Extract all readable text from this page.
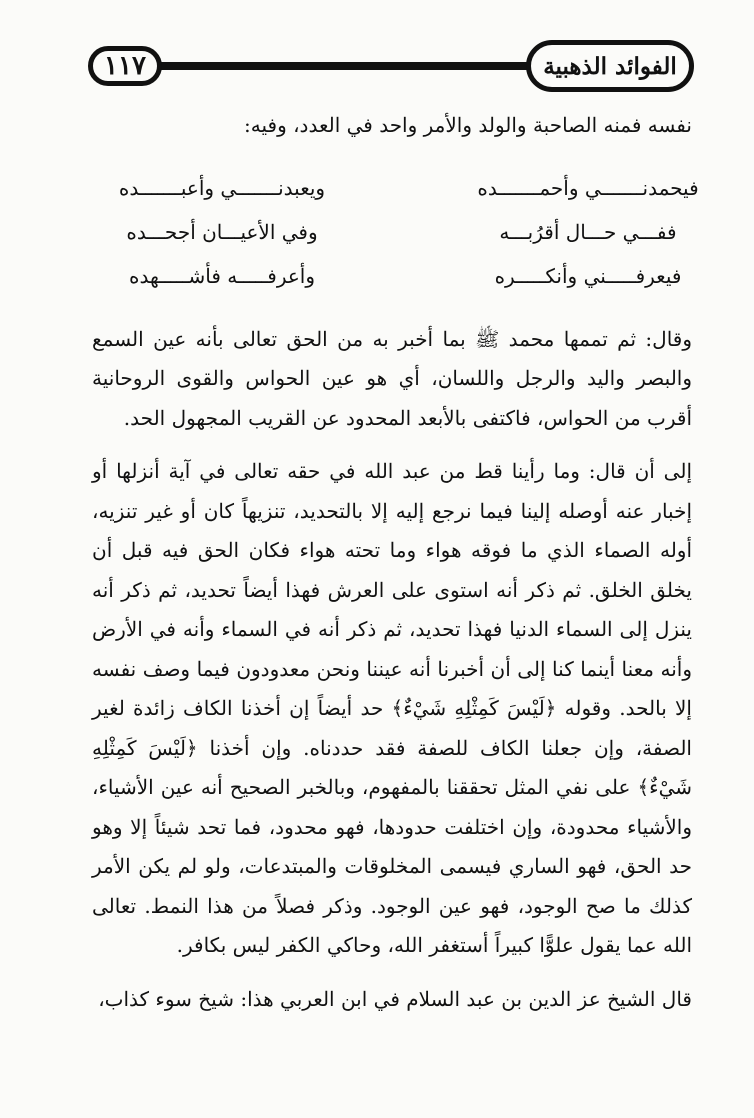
١١٧	الفوائد الذهبية

نفسه فمنه الصاحبة والولد والأمر واحد في العدد، وفيه:

فيحمدنـــــــي وأحمـــــــده
ويعبدنـــــــي وأعبـــــــده
ففـــي حـــال أقرُبـــه
وفي الأعيـــان أجحـــده
فيعرفـــــني وأنكـــــره
وأعرفـــــه فأشـــــهده

وقال: ثم تممها محمد ﷺ بما أخبر به من الحق تعالى بأنه عين السمع والبصر واليد والرجل واللسان، أي هو عين الحواس والقوى الروحانية أقرب من الحواس، فاكتفى بالأبعد المحدود عن القريب المجهول الحد.

إلى أن قال: وما رأينا قط من عبد الله في حقه تعالى في آية أنزلها أو إخبار عنه أوصله إلينا فيما نرجع إليه إلا بالتحديد، تنزيهاً كان أو غير تنزيه، أوله الصماء الذي ما فوقه هواء وما تحته هواء فكان الحق فيه قبل أن يخلق الخلق. ثم ذكر أنه استوى على العرش فهذا أيضاً تحديد، ثم ذكر أنه ينزل إلى السماء الدنيا فهذا تحديد، ثم ذكر أنه في السماء وأنه في الأرض وأنه معنا أينما كنا إلى أن أخبرنا أنه عيننا ونحن معدودون فيما وصف نفسه إلا بالحد. وقوله ﴿لَيْسَ كَمِثْلِهِ شَيْءٌ﴾ حد أيضاً إن أخذنا الكاف زائدة لغير الصفة، وإن جعلنا الكاف للصفة فقد حددناه. وإن أخذنا ﴿لَيْسَ كَمِثْلِهِ شَيْءٌ﴾ على نفي المثل تحققنا بالمفهوم، وبالخبر الصحيح أنه عين الأشياء، والأشياء محدودة، وإن اختلفت حدودها، فهو محدود، فما تحد شيئاً إلا وهو حد الحق، فهو الساري فيسمى المخلوقات والمبتدعات، ولو لم يكن الأمر كذلك ما صح الوجود، فهو عين الوجود. وذكر فصلاً من هذا النمط. تعالى الله عما يقول علوًّا كبيراً أستغفر الله، وحاكي الكفر ليس بكافر.

قال الشيخ عز الدين بن عبد السلام في ابن العربي هذا: شيخ سوء كذاب،
